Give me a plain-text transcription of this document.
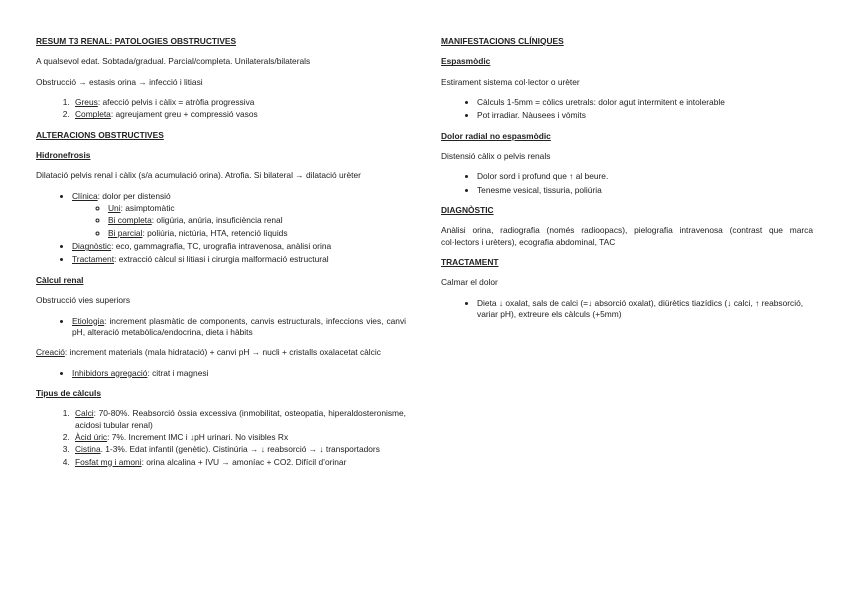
RESUM T3 RENAL: PATOLOGIES OBSTRUCTIVES

A qualsevol edat. Sobtada/gradual. Parcial/completa. Unilaterals/bilaterals

Obstrucció → estasis orina → infecció i litiasi

1. Greus: afecció pelvis i càlix = atròfia progressiva
2. Completa: agreujament greu + compressió vasos

ALTERACIONS OBSTRUCTIVES

Hidronefrosis

Dilatació pelvis renal i càlix (s/a acumulació orina). Atrofia. Si bilateral → dilatació urèter

• Clínica: dolor per distensió
◦ Uni: asimptomàtic
◦ Bi completa: oligúria, anúria, insuficiència renal
◦ Bi parcial: poliúria, nictúria, HTA, retenció líquids
• Diagnòstic: eco, gammagrafia, TC, urografia intravenosa, anàlisi orina
• Tractament: extracció càlcul si litiasi i cirurgia malformació estructural

Càlcul renal

Obstrucció vies superiors

• Etiologia: increment plasmàtic de components, canvis estructurals, infeccions vies, canvi pH, alteració metabòlica/endocrina, dieta i hàbits

Creació: increment materials (mala hidratació) + canvi pH → nucli + cristalls oxalacetat càlcic

• Inhibidors agregació: citrat i magnesi

Tipus de càlculs

1. Calci: 70-80%. Reabsorció òssia excessiva (inmobilitat, osteopatia, hiperaldosteronisme, acidosi tubular renal)
2. Àcid úric: 7%. Increment IMC i ↓pH urinari. No visibles Rx
3. Cistina. 1-3%. Edat infantil (genètic). Cistinúria → ↓ reabsorció → ↓ transportadors
4. Fosfat mg i amoni: orina alcalina + IVU → amoníac + CO2. Difícil d’orinar

MANIFESTACIONS CLÍNIQUES

Espasmòdic

Estirament sistema col·lector o urèter

• Càlculs 1-5mm = còlics uretrals: dolor agut intermitent e intolerable
• Pot irradiar. Nàusees i vòmits

Dolor radial no espasmòdic

Distensió càlix o pelvis renals

• Dolor sord i profund que ↑ al beure.
• Tenesme vesical, tissuria, poliúria

DIAGNÒSTIC

Anàlisi orina, radiografia (només radioopacs), pielografia intravenosa (contrast que marca col·lectors i urèters), ecografia abdominal, TAC

TRACTAMENT

Calmar el dolor

• Dieta ↓ oxalat, sals de calci (=↓ absorció oxalat), diürètics tiazídics (↓ calci, ↑ reabsorció, variar pH), extreure els càlculs (+5mm)
